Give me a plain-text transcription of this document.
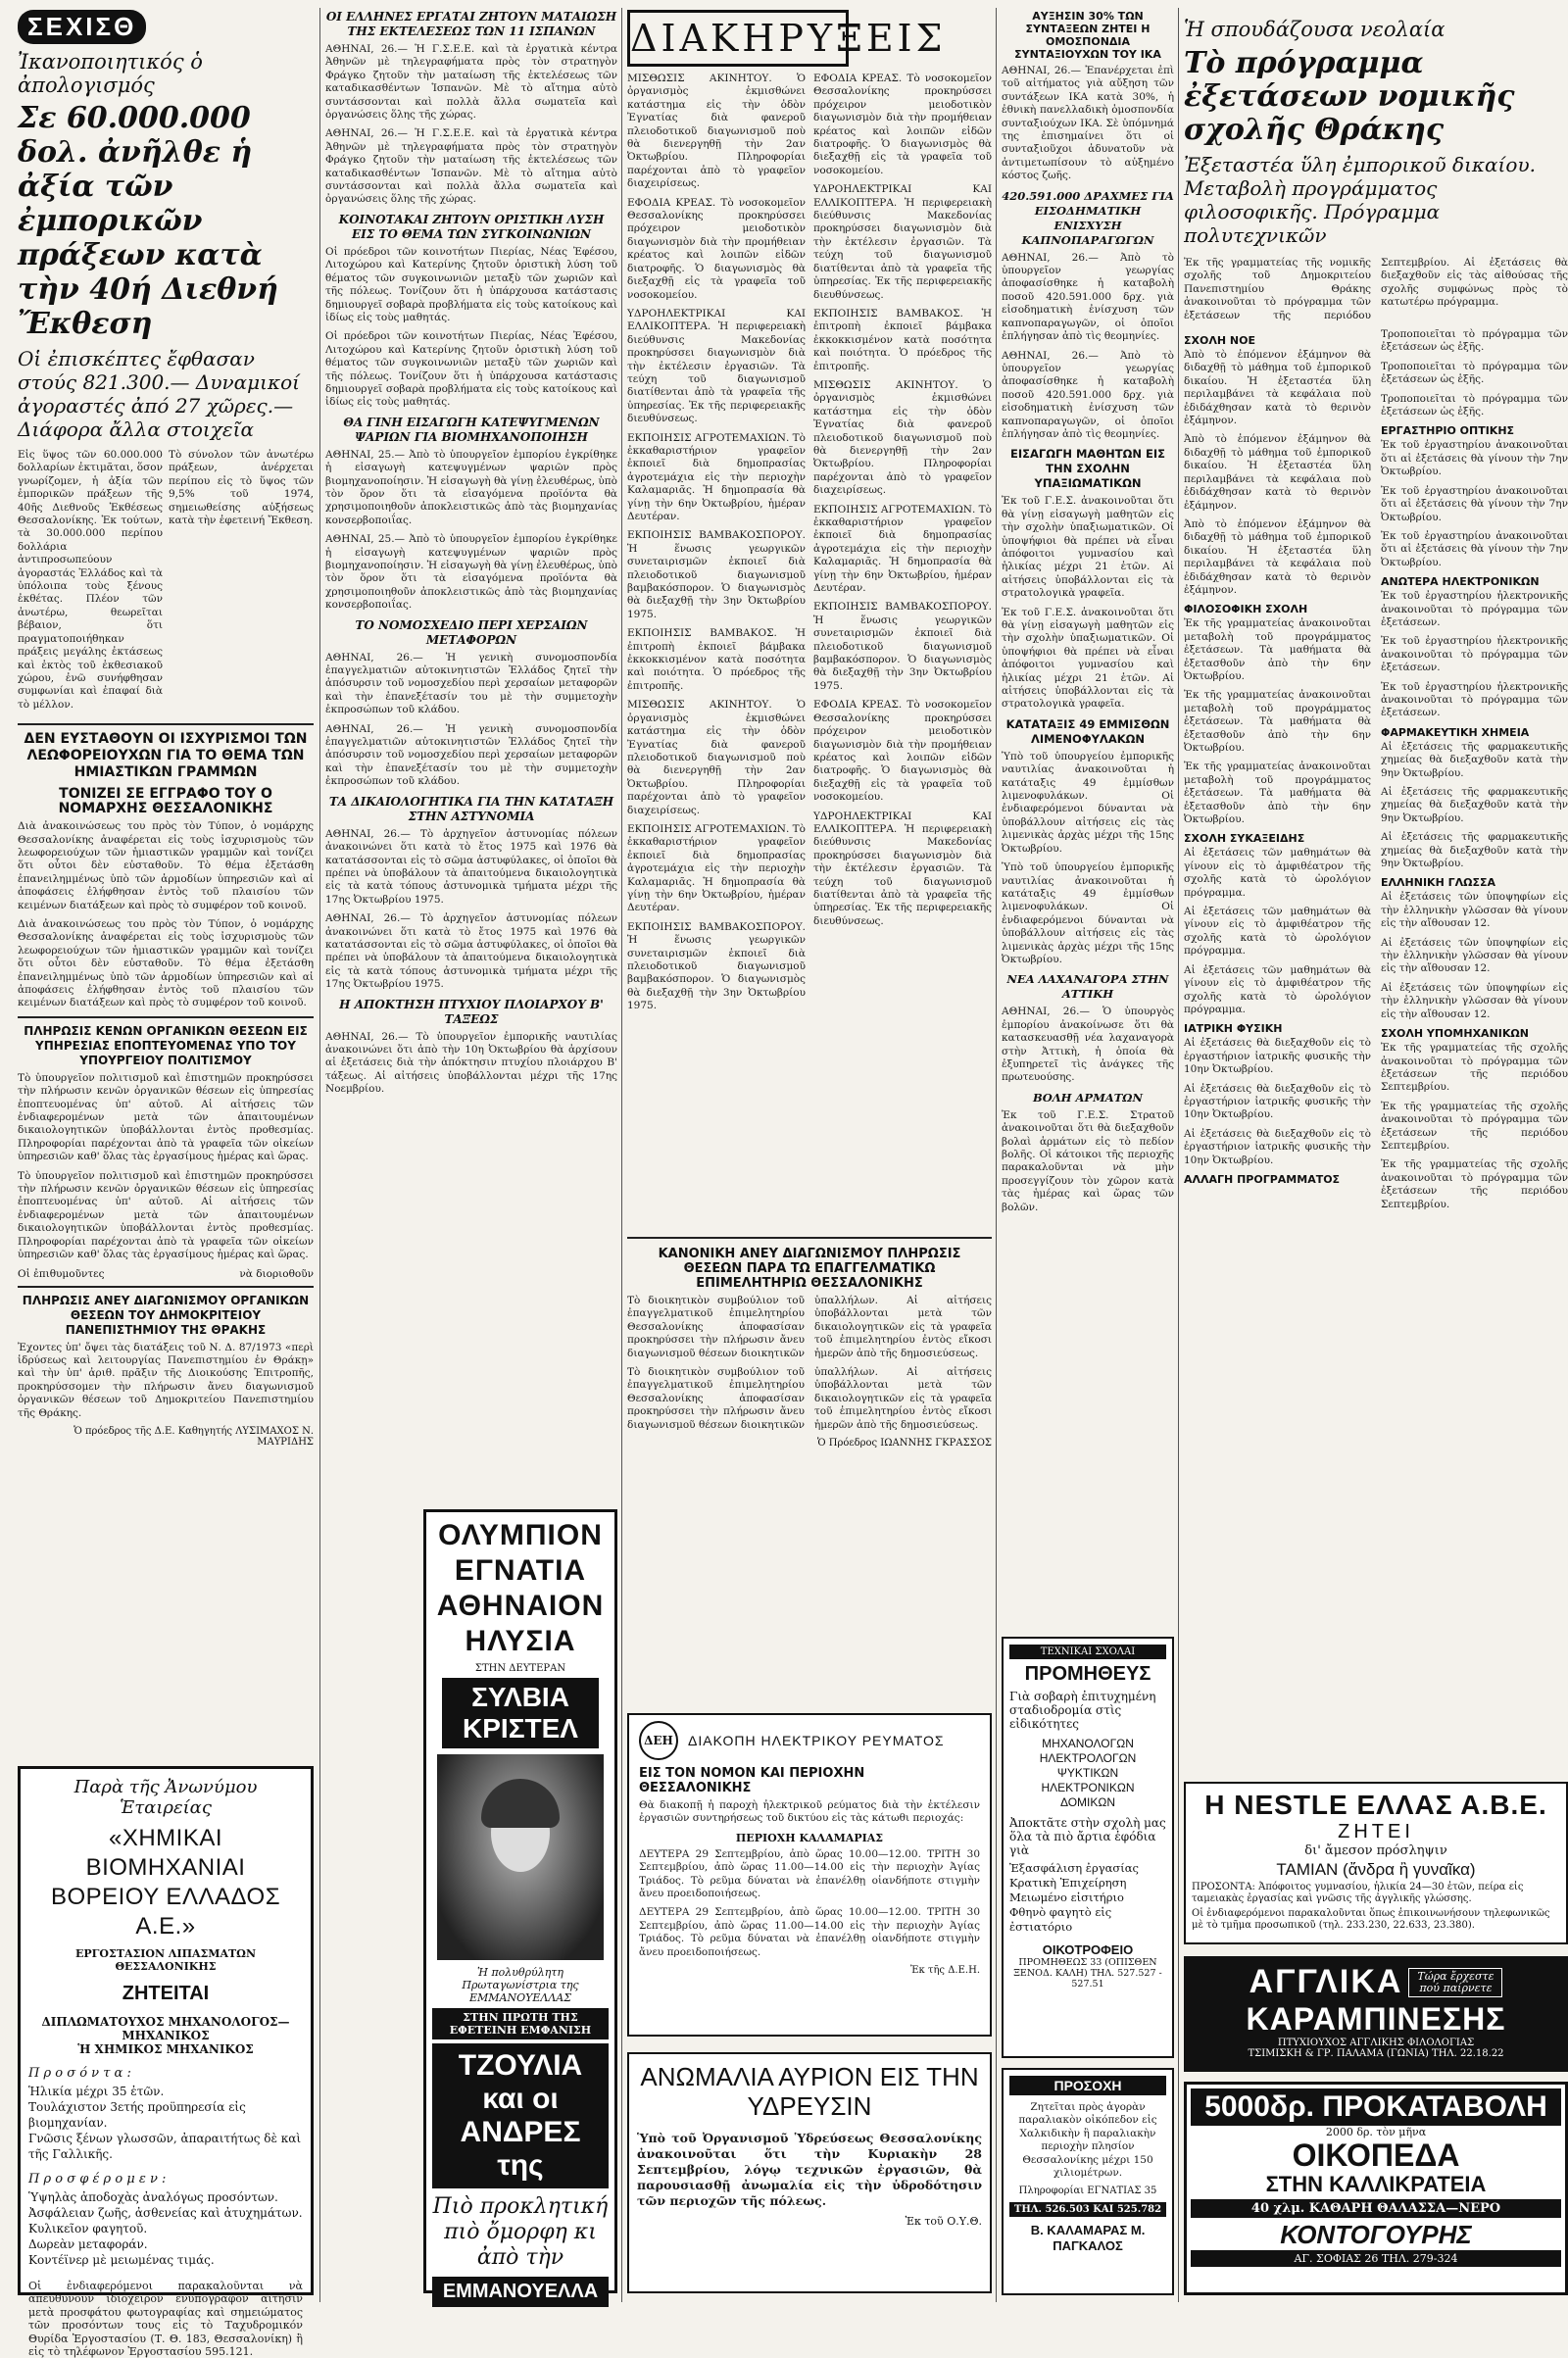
ΣΕΧΙΣΘ
Ἰκανοποιητικός ὁ ἀπολογισμός
Σε 60.000.000 δολ. ἀνῆλθε ἡ ἀξία τῶν ἐμπορικῶν πράξεων κατὰ τὴν 40ή Διεθνή Ἔκθεση
Οἱ ἐπισκέπτες ἔφθασαν στούς 821.300.— Δυναμικοί ἀγοραστές ἀπό 27 χῶρες.— Διάφορα ἄλλα στοιχεῖα

Εἰς ὕψος τῶν 60.000.000 δολλαρίων ἐκτιμᾶται, ὅσον γνωρίζομεν, ἡ ἀξία τῶν ἐμπορικῶν πράξεων τῆς 40ῆς Διεθνοῦς Ἐκθέσεως Θεσσαλονίκης. Ἐκ τούτων, τὰ 30.000.000 περίπου δολλάρια ἀντιπροσωπεύουν ἀγοραστάς Ἑλλάδος καὶ τὰ ὑπόλοιπα τοὺς ξένους ἐκθέτας. Πλέον τῶν ἀνωτέρω, θεωρεῖται βέβαιον, ὅτι πραγματοποιήθηκαν πράξεις μεγάλης ἐκτάσεως καὶ ἐκτὸς τοῦ ἐκθεσιακοῦ χώρου, ἐνῶ συνήφθησαν συμφωνίαι καὶ ἐπαφαί διὰ τὸ μέλλον.

Τὸ σύνολον τῶν ἀνωτέρω πράξεων, ἀνέρχεται περίπου εἰς τὸ ὕψος τῶν 9,5% τοῦ 1974, σημειωθείσης αὐξήσεως κατὰ τὴν ἐφετεινή Ἔκθεση.

ΔΕΝ ΕΥΣΤΑΘΟΥΝ ΟΙ ΙΣΧΥΡΙΣΜΟΙ ΤΩΝ ΛΕΩΦΟΡΕΙΟΥΧΩΝ ΓΙΑ ΤΟ ΘΕΜΑ ΤΩΝ ΗΜΙΑΣΤΙΚΩΝ ΓΡΑΜΜΩΝ
ΤΟΝΙΖΕΙ ΣΕ ΕΓΓΡΑΦΟ ΤΟΥ Ο ΝΟΜΑΡΧΗΣ ΘΕΣΣΑΛΟΝΙΚΗΣ

Διὰ ἀνακοινώσεως του πρὸς τὸν Τύπον, ὁ νομάρχης Θεσσαλονίκης ἀναφέρεται εἰς τοὺς ἰσχυρισμοὺς τῶν λεωφορειούχων τῶν ἡμιαστικῶν γραμμῶν καὶ τονίζει ὅτι οὗτοι δὲν εὐσταθοῦν. Τὸ θέμα ἐξετάσθη ἐπανειλημμένως ὑπὸ τῶν ἁρμοδίων ὑπηρεσιῶν καὶ αἱ ἀποφάσεις ἐλήφθησαν ἐντὸς τοῦ πλαισίου τῶν κειμένων διατάξεων καὶ πρὸς τὸ συμφέρον τοῦ κοινοῦ.

Διὰ ἀνακοινώσεως του πρὸς τὸν Τύπον, ὁ νομάρχης Θεσσαλονίκης ἀναφέρεται εἰς τοὺς ἰσχυρισμοὺς τῶν λεωφορειούχων τῶν ἡμιαστικῶν γραμμῶν καὶ τονίζει ὅτι οὗτοι δὲν εὐσταθοῦν. Τὸ θέμα ἐξετάσθη ἐπανειλημμένως ὑπὸ τῶν ἁρμοδίων ὑπηρεσιῶν καὶ αἱ ἀποφάσεις ἐλήφθησαν ἐντὸς τοῦ πλαισίου τῶν κειμένων διατάξεων καὶ πρὸς τὸ συμφέρον τοῦ κοινοῦ.

ΠΛΗΡΩΣΙΣ ΚΕΝΩΝ ΟΡΓΑΝΙΚΩΝ ΘΕΣΕΩΝ ΕΙΣ ΥΠΗΡΕΣΙΑΣ ΕΠΟΠΤΕΥΟΜΕΝΑΣ ΥΠΟ ΤΟΥ ΥΠΟΥΡΓΕΙΟΥ ΠΟΛΙΤΙΣΜΟΥ

Τὸ ὑπουργεῖον πολιτισμοῦ καὶ ἐπιστημῶν προκηρύσσει τὴν πλήρωσιν κενῶν ὀργανικῶν θέσεων εἰς ὑπηρεσίας ἐποπτευομένας ὑπ' αὐτοῦ. Αἱ αἰτήσεις τῶν ἐνδιαφερομένων μετὰ τῶν ἀπαιτουμένων δικαιολογητικῶν ὑποβάλλονται ἐντὸς προθεσμίας. Πληροφορίαι παρέχονται ἀπὸ τὰ γραφεῖα τῶν οἰκείων ὑπηρεσιῶν καθ' ὅλας τὰς ἐργασίμους ἡμέρας καὶ ὥρας.

Τὸ ὑπουργεῖον πολιτισμοῦ καὶ ἐπιστημῶν προκηρύσσει τὴν πλήρωσιν κενῶν ὀργανικῶν θέσεων εἰς ὑπηρεσίας ἐποπτευομένας ὑπ' αὐτοῦ. Αἱ αἰτήσεις τῶν ἐνδιαφερομένων μετὰ τῶν ἀπαιτουμένων δικαιολογητικῶν ὑποβάλλονται ἐντὸς προθεσμίας. Πληροφορίαι παρέχονται ἀπὸ τὰ γραφεῖα τῶν οἰκείων ὑπηρεσιῶν καθ' ὅλας τὰς ἐργασίμους ἡμέρας καὶ ὥρας.

Οἱ ἐπιθυμοῦντες	νὰ διοριοθοῦν
ΠΛΗΡΩΣΙΣ ΑΝΕΥ ΔΙΑΓΩΝΙΣΜΟΥ ΟΡΓΑΝΙΚΩΝ ΘΕΣΕΩΝ ΤΟΥ ΔΗΜΟΚΡΙΤΕΙΟΥ ΠΑΝΕΠΙΣΤΗΜΙΟΥ ΤΗΣ ΘΡΑΚΗΣ

Ἐχοντες ὑπ' ὄψει τὰς διατάξεις τοῦ Ν. Δ. 87/1973 «περὶ ἱδρύσεως καὶ λειτουργίας Πανεπιστημίου ἐν Θράκῃ» καὶ τὴν ὑπ' ἀριθ. πρᾶξιν τῆς Διοικούσης Ἐπιτροπῆς, προκηρύσσομεν τὴν πλήρωσιν ἄνευ διαγωνισμοῦ ὀργανικῶν θέσεων τοῦ Δημοκριτείου Πανεπιστημίου τῆς Θράκης.

Ὁ πρόεδρος τῆς Δ.Ε. Καθηγητής ΛΥΣΙΜΑΧΟΣ Ν. ΜΑΥΡΙΔΗΣ
Παρὰ τῆς Ἀνωνύμου Ἑταιρείας
«ΧΗΜΙΚΑΙ ΒΙΟΜΗΧΑΝΙΑΙ ΒΟΡΕΙΟΥ ΕΛΛΑΔΟΣ Α.Ε.»
ΕΡΓΟΣΤΑΣΙΟΝ ΛΙΠΑΣΜΑΤΩΝ ΘΕΣΣΑΛΟΝΙΚΗΣ
ΖΗΤΕΙΤΑΙ
ΔΙΠΛΩΜΑΤΟΥΧΟΣ ΜΗΧΑΝΟΛΟΓΟΣ—ΜΗΧΑΝΙΚΟΣ
Ἡ ΧΗΜΙΚΟΣ ΜΗΧΑΝΙΚΟΣ
Π ρ ο σ ό ν τ α :
Ἡλικία μέχρι 35 ἐτῶν.
Τουλάχιστον 3ετής προϋπηρεσία εἰς βιομηχανίαν.
Γνῶσις ξένων γλωσσῶν, ἀπαραιτήτως δὲ καὶ τῆς Γαλλικῆς.
Π ρ ο σ φ έ ρ ο μ ε ν :
Ὑψηλὰς ἀποδοχὰς ἀναλόγως προσόντων.
Ἀσφάλειαν ζωῆς, ἀσθενείας καὶ ἀτυχημάτων.
Κυλικεῖον φαγητοῦ.
Δωρεὰν μεταφοράν.
Κοντέϊνερ μὲ μειωμένας τιμάς.

Οἱ ἐνδιαφερόμενοι παρακαλοῦνται νὰ ἀπευθύνουν ἰδιόχειρον ἐνυπόγραφον αἴτησιν μετὰ προσφάτου φωτογραφίας καὶ σημειώματος τῶν προσόντων τους εἰς τὸ Ταχυδρομικόν Θυρίδα Ἐργοστασίου (Τ. Θ. 183, Θεσσαλονίκη) ἢ εἰς τὸ τηλέφωνον Ἐργοστασίου 595.121.

ΟΙ ΕΛΛΗΝΕΣ ΕΡΓΑΤΑΙ ΖΗΤΟΥΝ ΜΑΤΑΙΩΣΗ ΤΗΣ ΕΚΤΕΛΕΣΕΩΣ ΤΩΝ 11 ΙΣΠΑΝΩΝ

ΑΘΗΝΑΙ, 26.— Ἡ Γ.Σ.Ε.Ε. καὶ τὰ ἐργατικὰ κέντρα Ἀθηνῶν μὲ τηλεγραφήματα πρὸς τὸν στρατηγὸν Φράγκο ζητοῦν τὴν ματαίωση τῆς ἐκτελέσεως τῶν καταδικασθέντων Ἱσπανῶν. Μὲ τὸ αἴτημα αὐτὸ συντάσσονται καὶ πολλὰ ἄλλα σωματεῖα καὶ ὀργανώσεις ὅλης τῆς χώρας.

ΑΘΗΝΑΙ, 26.— Ἡ Γ.Σ.Ε.Ε. καὶ τὰ ἐργατικὰ κέντρα Ἀθηνῶν μὲ τηλεγραφήματα πρὸς τὸν στρατηγὸν Φράγκο ζητοῦν τὴν ματαίωση τῆς ἐκτελέσεως τῶν καταδικασθέντων Ἱσπανῶν. Μὲ τὸ αἴτημα αὐτὸ συντάσσονται καὶ πολλὰ ἄλλα σωματεῖα καὶ ὀργανώσεις ὅλης τῆς χώρας.

ΚΟΙΝΟΤΑΚΑΙ ΖΗΤΟΥΝ ΟΡΙΣΤΙΚΗ ΛΥΣΗ ΕΙΣ ΤΟ ΘΕΜΑ ΤΩΝ ΣΥΓΚΟΙΝΩΝΙΩΝ

Οἱ πρόεδροι τῶν κοινοτήτων Πιερίας, Νέας Ἐφέσου, Λιτοχώρου καὶ Κατερίνης ζητοῦν ὁριστικὴ λύση τοῦ θέματος τῶν συγκοινωνιῶν μεταξὺ τῶν χωριῶν καὶ τῆς πόλεως. Τονίζουν ὅτι ἡ ὑπάρχουσα κατάστασις δημιουργεῖ σοβαρὰ προβλήματα εἰς τοὺς κατοίκους καὶ ἰδίως εἰς τοὺς μαθητάς.

Οἱ πρόεδροι τῶν κοινοτήτων Πιερίας, Νέας Ἐφέσου, Λιτοχώρου καὶ Κατερίνης ζητοῦν ὁριστικὴ λύση τοῦ θέματος τῶν συγκοινωνιῶν μεταξὺ τῶν χωριῶν καὶ τῆς πόλεως. Τονίζουν ὅτι ἡ ὑπάρχουσα κατάστασις δημιουργεῖ σοβαρὰ προβλήματα εἰς τοὺς κατοίκους καὶ ἰδίως εἰς τοὺς μαθητάς.

ΘΑ ΓΙΝΗ ΕΙΣΑΓΩΓΗ ΚΑΤΕΨΥΓΜΕΝΩΝ ΨΑΡΙΩΝ ΓΙΑ ΒΙΟΜΗΧΑΝΟΠΟΙΗΣΗ

ΑΘΗΝΑΙ, 25.— Ἀπὸ τὸ ὑπουργεῖον ἐμπορίου ἐγκρίθηκε ἡ εἰσαγωγὴ κατεψυγμένων ψαριῶν πρὸς βιομηχανοποίησιν. Ἡ εἰσαγωγὴ θὰ γίνῃ ἐλευθέρως, ὑπὸ τὸν ὅρον ὅτι τὰ εἰσαγόμενα προϊόντα θὰ χρησιμοποιηθοῦν ἀποκλειστικῶς ἀπὸ τὰς βιομηχανίας κονσερβοποιΐας.

ΑΘΗΝΑΙ, 25.— Ἀπὸ τὸ ὑπουργεῖον ἐμπορίου ἐγκρίθηκε ἡ εἰσαγωγὴ κατεψυγμένων ψαριῶν πρὸς βιομηχανοποίησιν. Ἡ εἰσαγωγὴ θὰ γίνῃ ἐλευθέρως, ὑπὸ τὸν ὅρον ὅτι τὰ εἰσαγόμενα προϊόντα θὰ χρησιμοποιηθοῦν ἀποκλειστικῶς ἀπὸ τὰς βιομηχανίας κονσερβοποιΐας.

ΤΟ ΝΟΜΟΣΧΕΔΙΟ ΠΕΡΙ ΧΕΡΣΑΙΩΝ ΜΕΤΑΦΟΡΩΝ

ΑΘΗΝΑΙ, 26.— Ἡ γενικὴ συνομοσπονδία ἐπαγγελματιῶν αὐτοκινητιστῶν Ἑλλάδος ζητεῖ τὴν ἀπόσυρσιν τοῦ νομοσχεδίου περὶ χερσαίων μεταφορῶν καὶ τὴν ἐπανεξέτασίν του μὲ τὴν συμμετοχὴν ἐκπροσώπων τοῦ κλάδου.

ΑΘΗΝΑΙ, 26.— Ἡ γενικὴ συνομοσπονδία ἐπαγγελματιῶν αὐτοκινητιστῶν Ἑλλάδος ζητεῖ τὴν ἀπόσυρσιν τοῦ νομοσχεδίου περὶ χερσαίων μεταφορῶν καὶ τὴν ἐπανεξέτασίν του μὲ τὴν συμμετοχὴν ἐκπροσώπων τοῦ κλάδου.

ΤΑ ΔΙΚΑΙΟΛΟΓΗΤΙΚΑ ΓΙΑ ΤΗΝ ΚΑΤΑΤΑΞΗ ΣΤΗΝ ΑΣΤΥΝΟΜΙΑ

ΑΘΗΝΑΙ, 26.— Τὸ ἀρχηγεῖον ἀστυνομίας πόλεων ἀνακοινώνει ὅτι κατὰ τὸ ἔτος 1975 καὶ 1976 θὰ κατατάσσονται εἰς τὸ σῶμα ἀστυφύλακες, οἱ ὁποῖοι θὰ πρέπει νὰ ὑποβάλουν τὰ ἀπαιτούμενα δικαιολογητικὰ εἰς τὰ κατὰ τόπους ἀστυνομικὰ τμήματα μέχρι τῆς 17ης Ὀκτωβρίου 1975.

ΑΘΗΝΑΙ, 26.— Τὸ ἀρχηγεῖον ἀστυνομίας πόλεων ἀνακοινώνει ὅτι κατὰ τὸ ἔτος 1975 καὶ 1976 θὰ κατατάσσονται εἰς τὸ σῶμα ἀστυφύλακες, οἱ ὁποῖοι θὰ πρέπει νὰ ὑποβάλουν τὰ ἀπαιτούμενα δικαιολογητικὰ εἰς τὰ κατὰ τόπους ἀστυνομικὰ τμήματα μέχρι τῆς 17ης Ὀκτωβρίου 1975.

Η ΑΠΟΚΤΗΣΗ ΠΤΥΧΙΟΥ ΠΛΟΙΑΡΧΟΥ Β' ΤΑΞΕΩΣ

ΑΘΗΝΑΙ, 26.— Τὸ ὑπουργεῖον ἐμπορικῆς ναυτιλίας ἀνακοινώνει ὅτι ἀπὸ τὴν 10η Ὀκτωβρίου θὰ ἀρχίσουν αἱ ἐξετάσεις διὰ τὴν ἀπόκτησιν πτυχίου πλοιάρχου Β' τάξεως. Αἱ αἰτήσεις ὑποβάλλονται μέχρι τῆς 17ης Νοεμβρίου.

ΟΛΥΜΠΙΟΝ
ΕΓΝΑΤΙΑ
ΑΘΗΝΑΙΟΝ
ΗΛΥΣΙΑ
ΣΤΗΝ ΔΕΥΤΕΡΑΝ
ΣΥΛΒΙΑ ΚΡΙΣΤΕΛ
Ἡ πολυθρύλητη Πρωταγωνίστρια της ΕΜΜΑΝΟΥΕΛΛΑΣ
ΣΤΗΝ ΠΡΩΤΗ ΤΗΣ ΕΦΕΤΕΙΝΗ ΕΜΦΑΝΙΣΗ
ΤΖΟΥΛΙΑ και οι ΑΝΔΡΕΣ της
Πιὸ προκλητική πιὸ ὄμορφη κι ἀπὸ τὴν
ΕΜΜΑΝΟΥΕΛΛΑ
ΔΙΑΚΗΡΥΞΕΙΣ

ΜΙΣΘΩΣΙΣ ΑΚΙΝΗΤΟΥ. Ὁ ὀργανισμὸς ἐκμισθώνει κατάστημα εἰς τὴν ὁδὸν Ἐγνατίας διὰ φανεροῦ πλειοδοτικοῦ διαγωνισμοῦ ποὺ θὰ διενεργηθῇ τὴν 2αν Ὀκτωβρίου. Πληροφορίαι παρέχονται ἀπὸ τὸ γραφεῖον διαχειρίσεως.

ΕΦΟΔΙΑ ΚΡΕΑΣ. Τὸ νοσοκομεῖον Θεσσαλονίκης προκηρύσσει πρόχειρον μειοδοτικὸν διαγωνισμὸν διὰ τὴν προμήθειαν κρέατος καὶ λοιπῶν εἰδῶν διατροφῆς. Ὁ διαγωνισμὸς θὰ διεξαχθῇ εἰς τὰ γραφεῖα τοῦ νοσοκομείου.

ΥΔΡΟΗΛΕΚΤΡΙΚΑΙ ΚΑΙ ΕΛΛΙΚΟΠΤΕΡΑ. Ἡ περιφερειακὴ διεύθυνσις Μακεδονίας προκηρύσσει διαγωνισμὸν διὰ τὴν ἐκτέλεσιν ἐργασιῶν. Τὰ τεύχη τοῦ διαγωνισμοῦ διατίθενται ἀπὸ τὰ γραφεῖα τῆς ὑπηρεσίας. Ἐκ τῆς περιφερειακῆς διευθύνσεως.

ΕΚΠΟΙΗΣΙΣ ΑΓΡΟΤΕΜΑΧΙΩΝ. Τὸ ἐκκαθαριστήριον γραφεῖον ἐκποιεῖ διὰ δημοπρασίας ἀγροτεμάχια εἰς τὴν περιοχὴν Καλαμαριᾶς. Ἡ δημοπρασία θὰ γίνῃ τὴν 6ην Ὀκτωβρίου, ἡμέραν Δευτέραν.

ΕΚΠΟΙΗΣΙΣ ΒΑΜΒΑΚΟΣΠΟΡΟΥ. Ἡ ἕνωσις γεωργικῶν συνεταιρισμῶν ἐκποιεῖ διὰ πλειοδοτικοῦ διαγωνισμοῦ βαμβακόσπορον. Ὁ διαγωνισμὸς θὰ διεξαχθῇ τὴν 3ην Ὀκτωβρίου 1975.

ΕΚΠΟΙΗΣΙΣ ΒΑΜΒΑΚΟΣ. Ἡ ἐπιτροπὴ ἐκποιεῖ βάμβακα ἐκκοκκισμένον κατὰ ποσότητα καὶ ποιότητα. Ὁ πρόεδρος τῆς ἐπιτροπῆς.

ΜΙΣΘΩΣΙΣ ΑΚΙΝΗΤΟΥ. Ὁ ὀργανισμὸς ἐκμισθώνει κατάστημα εἰς τὴν ὁδὸν Ἐγνατίας διὰ φανεροῦ πλειοδοτικοῦ διαγωνισμοῦ ποὺ θὰ διενεργηθῇ τὴν 2αν Ὀκτωβρίου. Πληροφορίαι παρέχονται ἀπὸ τὸ γραφεῖον διαχειρίσεως.

ΕΚΠΟΙΗΣΙΣ ΑΓΡΟΤΕΜΑΧΙΩΝ. Τὸ ἐκκαθαριστήριον γραφεῖον ἐκποιεῖ διὰ δημοπρασίας ἀγροτεμάχια εἰς τὴν περιοχὴν Καλαμαριᾶς. Ἡ δημοπρασία θὰ γίνῃ τὴν 6ην Ὀκτωβρίου, ἡμέραν Δευτέραν.

ΕΚΠΟΙΗΣΙΣ ΒΑΜΒΑΚΟΣΠΟΡΟΥ. Ἡ ἕνωσις γεωργικῶν συνεταιρισμῶν ἐκποιεῖ διὰ πλειοδοτικοῦ διαγωνισμοῦ βαμβακόσπορον. Ὁ διαγωνισμὸς θὰ διεξαχθῇ τὴν 3ην Ὀκτωβρίου 1975.

ΕΦΟΔΙΑ ΚΡΕΑΣ. Τὸ νοσοκομεῖον Θεσσαλονίκης προκηρύσσει πρόχειρον μειοδοτικὸν διαγωνισμὸν διὰ τὴν προμήθειαν κρέατος καὶ λοιπῶν εἰδῶν διατροφῆς. Ὁ διαγωνισμὸς θὰ διεξαχθῇ εἰς τὰ γραφεῖα τοῦ νοσοκομείου.

ΥΔΡΟΗΛΕΚΤΡΙΚΑΙ ΚΑΙ ΕΛΛΙΚΟΠΤΕΡΑ. Ἡ περιφερειακὴ διεύθυνσις Μακεδονίας προκηρύσσει διαγωνισμὸν διὰ τὴν ἐκτέλεσιν ἐργασιῶν. Τὰ τεύχη τοῦ διαγωνισμοῦ διατίθενται ἀπὸ τὰ γραφεῖα τῆς ὑπηρεσίας. Ἐκ τῆς περιφερειακῆς διευθύνσεως.

ΕΚΠΟΙΗΣΙΣ ΒΑΜΒΑΚΟΣ. Ἡ ἐπιτροπὴ ἐκποιεῖ βάμβακα ἐκκοκκισμένον κατὰ ποσότητα καὶ ποιότητα. Ὁ πρόεδρος τῆς ἐπιτροπῆς.

ΜΙΣΘΩΣΙΣ ΑΚΙΝΗΤΟΥ. Ὁ ὀργανισμὸς ἐκμισθώνει κατάστημα εἰς τὴν ὁδὸν Ἐγνατίας διὰ φανεροῦ πλειοδοτικοῦ διαγωνισμοῦ ποὺ θὰ διενεργηθῇ τὴν 2αν Ὀκτωβρίου. Πληροφορίαι παρέχονται ἀπὸ τὸ γραφεῖον διαχειρίσεως.

ΕΚΠΟΙΗΣΙΣ ΑΓΡΟΤΕΜΑΧΙΩΝ. Τὸ ἐκκαθαριστήριον γραφεῖον ἐκποιεῖ διὰ δημοπρασίας ἀγροτεμάχια εἰς τὴν περιοχὴν Καλαμαριᾶς. Ἡ δημοπρασία θὰ γίνῃ τὴν 6ην Ὀκτωβρίου, ἡμέραν Δευτέραν.

ΕΚΠΟΙΗΣΙΣ ΒΑΜΒΑΚΟΣΠΟΡΟΥ. Ἡ ἕνωσις γεωργικῶν συνεταιρισμῶν ἐκποιεῖ διὰ πλειοδοτικοῦ διαγωνισμοῦ βαμβακόσπορον. Ὁ διαγωνισμὸς θὰ διεξαχθῇ τὴν 3ην Ὀκτωβρίου 1975.

ΕΦΟΔΙΑ ΚΡΕΑΣ. Τὸ νοσοκομεῖον Θεσσαλονίκης προκηρύσσει πρόχειρον μειοδοτικὸν διαγωνισμὸν διὰ τὴν προμήθειαν κρέατος καὶ λοιπῶν εἰδῶν διατροφῆς. Ὁ διαγωνισμὸς θὰ διεξαχθῇ εἰς τὰ γραφεῖα τοῦ νοσοκομείου.

ΥΔΡΟΗΛΕΚΤΡΙΚΑΙ ΚΑΙ ΕΛΛΙΚΟΠΤΕΡΑ. Ἡ περιφερειακὴ διεύθυνσις Μακεδονίας προκηρύσσει διαγωνισμὸν διὰ τὴν ἐκτέλεσιν ἐργασιῶν. Τὰ τεύχη τοῦ διαγωνισμοῦ διατίθενται ἀπὸ τὰ γραφεῖα τῆς ὑπηρεσίας. Ἐκ τῆς περιφερειακῆς διευθύνσεως.

ΚΑΝΟΝΙΚΗ ΑΝΕΥ ΔΙΑΓΩΝΙΣΜΟΥ ΠΛΗΡΩΣΙΣ ΘΕΣΕΩΝ ΠΑΡΑ ΤΩ ΕΠΑΓΓΕΛΜΑΤΙΚΩ ΕΠΙΜΕΛΗΤΗΡΙΩ ΘΕΣΣΑΛΟΝΙΚΗΣ

Τὸ διοικητικὸν συμβούλιον τοῦ ἐπαγγελματικοῦ ἐπιμελητηρίου Θεσσαλονίκης ἀποφασίσαν προκηρύσσει τὴν πλήρωσιν ἄνευ διαγωνισμοῦ θέσεων διοικητικῶν ὑπαλλήλων. Αἱ αἰτήσεις ὑποβάλλονται μετὰ τῶν δικαιολογητικῶν εἰς τὰ γραφεῖα τοῦ ἐπιμελητηρίου ἐντὸς εἴκοσι ἡμερῶν ἀπὸ τῆς δημοσιεύσεως.

Τὸ διοικητικὸν συμβούλιον τοῦ ἐπαγγελματικοῦ ἐπιμελητηρίου Θεσσαλονίκης ἀποφασίσαν προκηρύσσει τὴν πλήρωσιν ἄνευ διαγωνισμοῦ θέσεων διοικητικῶν ὑπαλλήλων. Αἱ αἰτήσεις ὑποβάλλονται μετὰ τῶν δικαιολογητικῶν εἰς τὰ γραφεῖα τοῦ ἐπιμελητηρίου ἐντὸς εἴκοσι ἡμερῶν ἀπὸ τῆς δημοσιεύσεως.

Ὁ Πρόεδρος ΙΩΑΝΝΗΣ ΓΚΡΑΣΣΟΣ
ΔΕΗ	ΔΙΑΚΟΠΗ ΗΛΕΚΤΡΙΚΟΥ ΡΕΥΜΑΤΟΣ
ΕΙΣ ΤΟΝ ΝΟΜΟΝ ΚΑΙ ΠΕΡΙΟΧΗΝ ΘΕΣΣΑΛΟΝΙΚΗΣ

Θὰ διακοπῇ ἡ παροχὴ ἠλεκτρικοῦ ρεύματος διὰ τὴν ἐκτέλεσιν ἐργασιῶν συντηρήσεως τοῦ δικτύου εἰς τὰς κάτωθι περιοχάς:

ΠΕΡΙΟΧΗ ΚΑΛΑΜΑΡΙΑΣ

ΔΕΥΤΕΡΑ 29 Σεπτεμβρίου, ἀπὸ ὥρας 10.00—12.00. ΤΡΙΤΗ 30 Σεπτεμβρίου, ἀπὸ ὥρας 11.00—14.00 εἰς τὴν περιοχὴν Ἀγίας Τριάδος. Τὸ ρεῦμα δύναται νὰ ἐπανέλθῃ οἱανδήποτε στιγμὴν ἄνευ προειδοποιήσεως.

ΔΕΥΤΕΡΑ 29 Σεπτεμβρίου, ἀπὸ ὥρας 10.00—12.00. ΤΡΙΤΗ 30 Σεπτεμβρίου, ἀπὸ ὥρας 11.00—14.00 εἰς τὴν περιοχὴν Ἀγίας Τριάδος. Τὸ ρεῦμα δύναται νὰ ἐπανέλθῃ οἱανδήποτε στιγμὴν ἄνευ προειδοποιήσεως.

Ἐκ τῆς Δ.Ε.Η.
ΑΝΩΜΑΛΙΑ ΑΥΡΙΟΝ ΕΙΣ ΤΗΝ ΥΔΡΕΥΣΙΝ

Ὑπὸ τοῦ Ὀργανισμοῦ Ὑδρεύσεως Θεσσαλονίκης ἀνακοινοῦται ὅτι τὴν Κυριακὴν 28 Σεπτεμβρίου, λόγῳ τεχνικῶν ἐργασιῶν, θὰ παρουσιασθῇ ἀνωμαλία εἰς τὴν ὑδροδότησιν τῶν περιοχῶν τῆς πόλεως.

Ἐκ τοῦ Ο.Υ.Θ.
ΑΥΞΗΣΙΝ 30% ΤΩΝ ΣΥΝΤΑΞΕΩΝ ΖΗΤΕΙ Η ΟΜΟΣΠΟΝΔΙΑ ΣΥΝΤΑΞΙΟΥΧΩΝ ΤΟΥ ΙΚΑ

ΑΘΗΝΑΙ, 26.— Ἐπανέρχεται ἐπὶ τοῦ αἰτήματος γιὰ αὔξηση τῶν συντάξεων ΙΚΑ κατὰ 30%, ἡ ἐθνικὴ πανελλαδικὴ ὁμοσπονδία συνταξιούχων ΙΚΑ. Σὲ ὑπόμνημά της ἐπισημαίνει ὅτι οἱ συνταξιοῦχοι ἀδυνατοῦν νὰ ἀντιμετωπίσουν τὸ αὐξημένο κόστος ζωῆς.

420.591.000 ΔΡΑΧΜΕΣ ΓΙΑ ΕΙΣΟΔΗΜΑΤΙΚΗ ΕΝΙΣΧΥΣΗ ΚΑΠΝΟΠΑΡΑΓΩΓΩΝ

ΑΘΗΝΑΙ, 26.— Ἀπὸ τὸ ὑπουργεῖον γεωργίας ἀποφασίσθηκε ἡ καταβολὴ ποσοῦ 420.591.000 δρχ. γιὰ εἰσοδηματικὴ ἐνίσχυση τῶν καπνοπαραγωγῶν, οἱ ὁποῖοι ἐπλήγησαν ἀπὸ τὶς θεομηνίες.

ΑΘΗΝΑΙ, 26.— Ἀπὸ τὸ ὑπουργεῖον γεωργίας ἀποφασίσθηκε ἡ καταβολὴ ποσοῦ 420.591.000 δρχ. γιὰ εἰσοδηματικὴ ἐνίσχυση τῶν καπνοπαραγωγῶν, οἱ ὁποῖοι ἐπλήγησαν ἀπὸ τὶς θεομηνίες.

ΕΙΣΑΓΩΓΗ ΜΑΘΗΤΩΝ ΕΙΣ ΤΗΝ ΣΧΟΛΗΝ ΥΠΑΞΙΩΜΑΤΙΚΩΝ

Ἐκ τοῦ Γ.Ε.Σ. ἀνακοινοῦται ὅτι θὰ γίνῃ εἰσαγωγὴ μαθητῶν εἰς τὴν σχολὴν ὑπαξιωματικῶν. Οἱ ὑποψήφιοι θὰ πρέπει νὰ εἶναι ἀπόφοιτοι γυμνασίου καὶ ἡλικίας μέχρι 21 ἐτῶν. Αἱ αἰτήσεις ὑποβάλλονται εἰς τὰ στρατολογικὰ γραφεῖα.

Ἐκ τοῦ Γ.Ε.Σ. ἀνακοινοῦται ὅτι θὰ γίνῃ εἰσαγωγὴ μαθητῶν εἰς τὴν σχολὴν ὑπαξιωματικῶν. Οἱ ὑποψήφιοι θὰ πρέπει νὰ εἶναι ἀπόφοιτοι γυμνασίου καὶ ἡλικίας μέχρι 21 ἐτῶν. Αἱ αἰτήσεις ὑποβάλλονται εἰς τὰ στρατολογικὰ γραφεῖα.

ΚΑΤΑΤΑΞΙΣ 49 ΕΜΜΙΣΘΩΝ ΛΙΜΕΝΟΦΥΛΑΚΩΝ

Ὑπὸ τοῦ ὑπουργείου ἐμπορικῆς ναυτιλίας ἀνακοινοῦται ἡ κατάταξις 49 ἐμμίσθων λιμενοφυλάκων. Οἱ ἐνδιαφερόμενοι δύνανται νὰ ὑποβάλλουν αἰτήσεις εἰς τὰς λιμενικὰς ἀρχὰς μέχρι τῆς 15ης Ὀκτωβρίου.

Ὑπὸ τοῦ ὑπουργείου ἐμπορικῆς ναυτιλίας ἀνακοινοῦται ἡ κατάταξις 49 ἐμμίσθων λιμενοφυλάκων. Οἱ ἐνδιαφερόμενοι δύνανται νὰ ὑποβάλλουν αἰτήσεις εἰς τὰς λιμενικὰς ἀρχὰς μέχρι τῆς 15ης Ὀκτωβρίου.

ΝΕΑ ΛΑΧΑΝΑΓΟΡΑ ΣΤΗΝ ΑΤΤΙΚΗ

ΑΘΗΝΑΙ, 26.— Ὁ ὑπουργὸς ἐμπορίου ἀνακοίνωσε ὅτι θὰ κατασκευασθῇ νέα λαχαναγορὰ στὴν Ἀττικὴ, ἡ ὁποία θὰ ἐξυπηρετεῖ τὶς ἀνάγκες τῆς πρωτευούσης.

ΒΟΛΗ ΑΡΜΑΤΩΝ

Ἐκ τοῦ Γ.Ε.Σ. Στρατοῦ ἀνακοινοῦται ὅτι θὰ διεξαχθοῦν βολαὶ ἁρμάτων εἰς τὸ πεδίον βολῆς. Οἱ κάτοικοι τῆς περιοχῆς παρακαλοῦνται νὰ μὴν προσεγγίζουν τὸν χῶρον κατὰ τὰς ἡμέρας καὶ ὥρας τῶν βολῶν.

ΤΕΧΝΙΚΑΙ ΣΧΟΛΑΙ
ΠΡΟΜΗΘΕΥΣ
Γιὰ σοβαρὴ ἐπιτυχημένη σταδιοδρομία στὶς εἰδικότητες
ΜΗΧΑΝΟΛΟΓΩΝ
ΗΛΕΚΤΡΟΛΟΓΩΝ
ΨΥΚΤΙΚΩΝ
ΗΛΕΚΤΡΟΝΙΚΩΝ
ΔΟΜΙΚΩΝ
Ἀποκτᾶτε στὴν σχολὴ μας ὅλα τὰ πιὸ ἄρτια ἐφόδια γιὰ
Ἐξασφάλιση ἐργασίας
Κρατικὴ Ἐπιχείρηση
Μειωμένο εἰσιτήριο
Φθηνὸ φαγητὸ εἰς ἐστιατόριο
ΟΙΚΟΤΡΟΦΕΙΟ
ΠΡΟΜΗΘΕΩΣ 33 (ΟΠΙΣΘΕΝ ΞΕΝΟΔ. ΚΑΛΗ) ΤΗΛ. 527.527 - 527.51
ΠΡΟΣΟΧΗ

Ζητεῖται πρὸς ἀγορὰν παραλιακὸν οἰκόπεδον εἰς Χαλκιδικὴν ἢ παραλιακὴν περιοχὴν πλησίον Θεσσαλονίκης μέχρι 150 χιλιομέτρων.

Πληροφορίαι ΕΓΝΑΤΙΑΣ 35
ΤΗΛ. 526.503 ΚΑΙ 525.782
Β. ΚΑΛΑΜΑΡΑΣ Μ. ΠΑΓΚΑΛΟΣ
Ἡ σπουδάζουσα νεολαία
Τὸ πρόγραμμα ἐξετάσεων νομικῆς σχολῆς Θράκης
Ἐξεταστέα ὕλη ἐμπορικοῦ δικαίου. Μεταβολὴ προγράμματος φιλοσοφικῆς. Πρόγραμμα πολυτεχνικῶν

Ἐκ τῆς γραμματείας τῆς νομικῆς σχολῆς τοῦ Δημοκριτείου Πανεπιστημίου Θράκης ἀνακοινοῦται τὸ πρόγραμμα τῶν ἐξετάσεων τῆς περιόδου Σεπτεμβρίου. Αἱ ἐξετάσεις θὰ διεξαχθοῦν εἰς τὰς αἰθούσας τῆς σχολῆς συμφώνως πρὸς τὸ κατωτέρω πρόγραμμα.

ΣΧΟΛΗ ΝΟΕ

Ἀπὸ τὸ ἐπόμενον ἐξάμηνον θὰ διδαχθῇ τὸ μάθημα τοῦ ἐμπορικοῦ δικαίου. Ἡ ἐξεταστέα ὕλη περιλαμβάνει τὰ κεφάλαια ποὺ ἐδιδάχθησαν κατὰ τὸ θερινὸν ἐξάμηνον.

Ἀπὸ τὸ ἐπόμενον ἐξάμηνον θὰ διδαχθῇ τὸ μάθημα τοῦ ἐμπορικοῦ δικαίου. Ἡ ἐξεταστέα ὕλη περιλαμβάνει τὰ κεφάλαια ποὺ ἐδιδάχθησαν κατὰ τὸ θερινὸν ἐξάμηνον.

Ἀπὸ τὸ ἐπόμενον ἐξάμηνον θὰ διδαχθῇ τὸ μάθημα τοῦ ἐμπορικοῦ δικαίου. Ἡ ἐξεταστέα ὕλη περιλαμβάνει τὰ κεφάλαια ποὺ ἐδιδάχθησαν κατὰ τὸ θερινὸν ἐξάμηνον.

ΦΙΛΟΣΟΦΙΚΗ ΣΧΟΛΗ

Ἐκ τῆς γραμματείας ἀνακοινοῦται μεταβολὴ τοῦ προγράμματος ἐξετάσεων. Τὰ μαθήματα θὰ ἐξετασθοῦν ἀπὸ τὴν 6ην Ὀκτωβρίου.

Ἐκ τῆς γραμματείας ἀνακοινοῦται μεταβολὴ τοῦ προγράμματος ἐξετάσεων. Τὰ μαθήματα θὰ ἐξετασθοῦν ἀπὸ τὴν 6ην Ὀκτωβρίου.

Ἐκ τῆς γραμματείας ἀνακοινοῦται μεταβολὴ τοῦ προγράμματος ἐξετάσεων. Τὰ μαθήματα θὰ ἐξετασθοῦν ἀπὸ τὴν 6ην Ὀκτωβρίου.

ΣΧΟΛΗ ΣΥΚΑΞΕΙΔΗΣ

Αἱ ἐξετάσεις τῶν μαθημάτων θὰ γίνουν εἰς τὸ ἀμφιθέατρον τῆς σχολῆς κατὰ τὸ ὡρολόγιον πρόγραμμα.

Αἱ ἐξετάσεις τῶν μαθημάτων θὰ γίνουν εἰς τὸ ἀμφιθέατρον τῆς σχολῆς κατὰ τὸ ὡρολόγιον πρόγραμμα.

Αἱ ἐξετάσεις τῶν μαθημάτων θὰ γίνουν εἰς τὸ ἀμφιθέατρον τῆς σχολῆς κατὰ τὸ ὡρολόγιον πρόγραμμα.

ΙΑΤΡΙΚΗ ΦΥΣΙΚΗ

Αἱ ἐξετάσεις θὰ διεξαχθοῦν εἰς τὸ ἐργαστήριον ἰατρικῆς φυσικῆς τὴν 10ην Ὀκτωβρίου.

Αἱ ἐξετάσεις θὰ διεξαχθοῦν εἰς τὸ ἐργαστήριον ἰατρικῆς φυσικῆς τὴν 10ην Ὀκτωβρίου.

Αἱ ἐξετάσεις θὰ διεξαχθοῦν εἰς τὸ ἐργαστήριον ἰατρικῆς φυσικῆς τὴν 10ην Ὀκτωβρίου.

ΑΛΛΑΓΗ ΠΡΟΓΡΑΜΜΑΤΟΣ

Τροποποιεῖται τὸ πρόγραμμα τῶν ἐξετάσεων ὡς ἑξῆς.

Τροποποιεῖται τὸ πρόγραμμα τῶν ἐξετάσεων ὡς ἑξῆς.

Τροποποιεῖται τὸ πρόγραμμα τῶν ἐξετάσεων ὡς ἑξῆς.

ΕΡΓΑΣΤΗΡΙΟ ΟΠΤΙΚΗΣ

Ἐκ τοῦ ἐργαστηρίου ἀνακοινοῦται ὅτι αἱ ἐξετάσεις θὰ γίνουν τὴν 7ην Ὀκτωβρίου.

Ἐκ τοῦ ἐργαστηρίου ἀνακοινοῦται ὅτι αἱ ἐξετάσεις θὰ γίνουν τὴν 7ην Ὀκτωβρίου.

Ἐκ τοῦ ἐργαστηρίου ἀνακοινοῦται ὅτι αἱ ἐξετάσεις θὰ γίνουν τὴν 7ην Ὀκτωβρίου.

ΑΝΩΤΕΡΑ ΗΛΕΚΤΡΟΝΙΚΩΝ

Ἐκ τοῦ ἐργαστηρίου ἠλεκτρονικῆς ἀνακοινοῦται τὸ πρόγραμμα τῶν ἐξετάσεων.

Ἐκ τοῦ ἐργαστηρίου ἠλεκτρονικῆς ἀνακοινοῦται τὸ πρόγραμμα τῶν ἐξετάσεων.

Ἐκ τοῦ ἐργαστηρίου ἠλεκτρονικῆς ἀνακοινοῦται τὸ πρόγραμμα τῶν ἐξετάσεων.

ΦΑΡΜΑΚΕΥΤΙΚΗ ΧΗΜΕΙΑ

Αἱ ἐξετάσεις τῆς φαρμακευτικῆς χημείας θὰ διεξαχθοῦν κατὰ τὴν 9ην Ὀκτωβρίου.

Αἱ ἐξετάσεις τῆς φαρμακευτικῆς χημείας θὰ διεξαχθοῦν κατὰ τὴν 9ην Ὀκτωβρίου.

Αἱ ἐξετάσεις τῆς φαρμακευτικῆς χημείας θὰ διεξαχθοῦν κατὰ τὴν 9ην Ὀκτωβρίου.

ΕΛΛΗΝΙΚΗ ΓΛΩΣΣΑ

Αἱ ἐξετάσεις τῶν ὑποψηφίων εἰς τὴν ἑλληνικὴν γλῶσσαν θὰ γίνουν εἰς τὴν αἴθουσαν 12.

Αἱ ἐξετάσεις τῶν ὑποψηφίων εἰς τὴν ἑλληνικὴν γλῶσσαν θὰ γίνουν εἰς τὴν αἴθουσαν 12.

Αἱ ἐξετάσεις τῶν ὑποψηφίων εἰς τὴν ἑλληνικὴν γλῶσσαν θὰ γίνουν εἰς τὴν αἴθουσαν 12.

ΣΧΟΛΗ ΥΠΟΜΗΧΑΝΙΚΩΝ

Ἐκ τῆς γραμματείας τῆς σχολῆς ἀνακοινοῦται τὸ πρόγραμμα τῶν ἐξετάσεων τῆς περιόδου Σεπτεμβρίου.

Ἐκ τῆς γραμματείας τῆς σχολῆς ἀνακοινοῦται τὸ πρόγραμμα τῶν ἐξετάσεων τῆς περιόδου Σεπτεμβρίου.

Ἐκ τῆς γραμματείας τῆς σχολῆς ἀνακοινοῦται τὸ πρόγραμμα τῶν ἐξετάσεων τῆς περιόδου Σεπτεμβρίου.

Η NESTLE ΕΛΛΑΣ Α.Β.Ε.
ΖΗΤΕΙ
δι' ἄμεσον πρόσληψιν
ΤΑΜΙΑΝ (ἄνδρα ἢ γυναῖκα)
ΠΡΟΣΟΝΤΑ: Ἀπόφοιτος γυμνασίου, ἡλικία 24—30 ἐτῶν, πείρα εἰς ταμειακὰς ἐργασίας καὶ γνῶσις τῆς ἀγγλικῆς γλώσσης.
Οἱ ἐνδιαφερόμενοι παρακαλοῦνται ὅπως ἐπικοινωνήσουν τηλεφωνικῶς μὲ τὸ τμῆμα προσωπικοῦ (τηλ. 233.230, 22.633, 23.380).
ΑΓΓΛΙΚΑ	Τώρα ἔρχεστε πού παίρνετε
ΚΑΡΑΜΠΙΝΕΣΗΣ
ΠΤΥΧΙΟΥΧΟΣ ΑΓΓΛΙΚΗΣ ΦΙΛΟΛΟΓΙΑΣ
ΤΣΙΜΙΣΚΗ & ΓΡ. ΠΑΛΑΜΑ (ΓΩΝΙΑ) ΤΗΛ. 22.18.22
5000δρ. ΠΡΟΚΑΤΑΒΟΛΗ
2000 δρ. τὸν μῆνα
ΟΙΚΟΠΕΔΑ
ΣΤΗΝ ΚΑΛΛΙΚΡΑΤΕΙΑ
40 χλμ. ΚΑΘΑΡΗ ΘΑΛΑΣΣΑ—ΝΕΡΟ
ΚΟΝΤΟΓΟΥΡΗΣ
ΑΓ. ΣΟΦΙΑΣ 26 ΤΗΛ. 279-324
